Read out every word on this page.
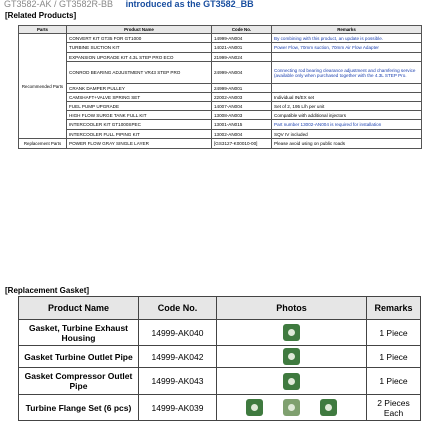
GT3582-AK / GT3582R-BB introduced as the GT3582_BB
[Related Products]
Parts	Product Name	Code No.	Remarks
Recommended Parts	CONVERT KIT GT35 FOR GT1000	14999-AN004	By combining with this product, an update is possible.
	TURBINE SUCTION KIT	14021-AN001	Power Flow, 70mm suction, 70mm Air Flow Adapter
	EXPANSION UPGRADE KIT 4.3L STEP PRO ECO	21999-AN024	
	CONROD BEARING ADJUSTMENT VR43 STEP PRO	24999-AN004	Connecting rod bearing clearance adjustment and chamfering service (available only when purchased together with the 4.3L STEP Pro.
	CRANK DAMPER PULLEY	24999-AN001	
	CAMSHAFT+VALVE SPRING SET	22002-AN003	Individual IN/EX set
	FUEL PUMP UPGRADE	14007-AN004	Set of 2, 195 L/h per unit
	HIGH FLOW SURGE TANK FULL KIT	13008-AN003	Compatible with additional injectors
	INTERCOOLER KIT GT1000SPEC	13001-AN015	Part number 13002-AN004 is required for installation
	INTERCOOLER FULL PIPING KIT	13002-AN004	SQV IV included
Replacement Parts	POWER FLOW GRAY SINGLE LAYER	[GS3127-K00010-00]	Please avoid using on public roads
[Replacement Gasket]
Product Name	Code No.	Photos	Remarks
Gasket, Turbine Exhaust Housing	14999-AK040		1 Piece
Gasket Turbine Outlet Pipe	14999-AK042		1 Piece
Gasket Compressor Outlet Pipe	14999-AK043		1 Piece
Turbine Flange Set (6 pcs)	14999-AK039		2 Pieces Each
